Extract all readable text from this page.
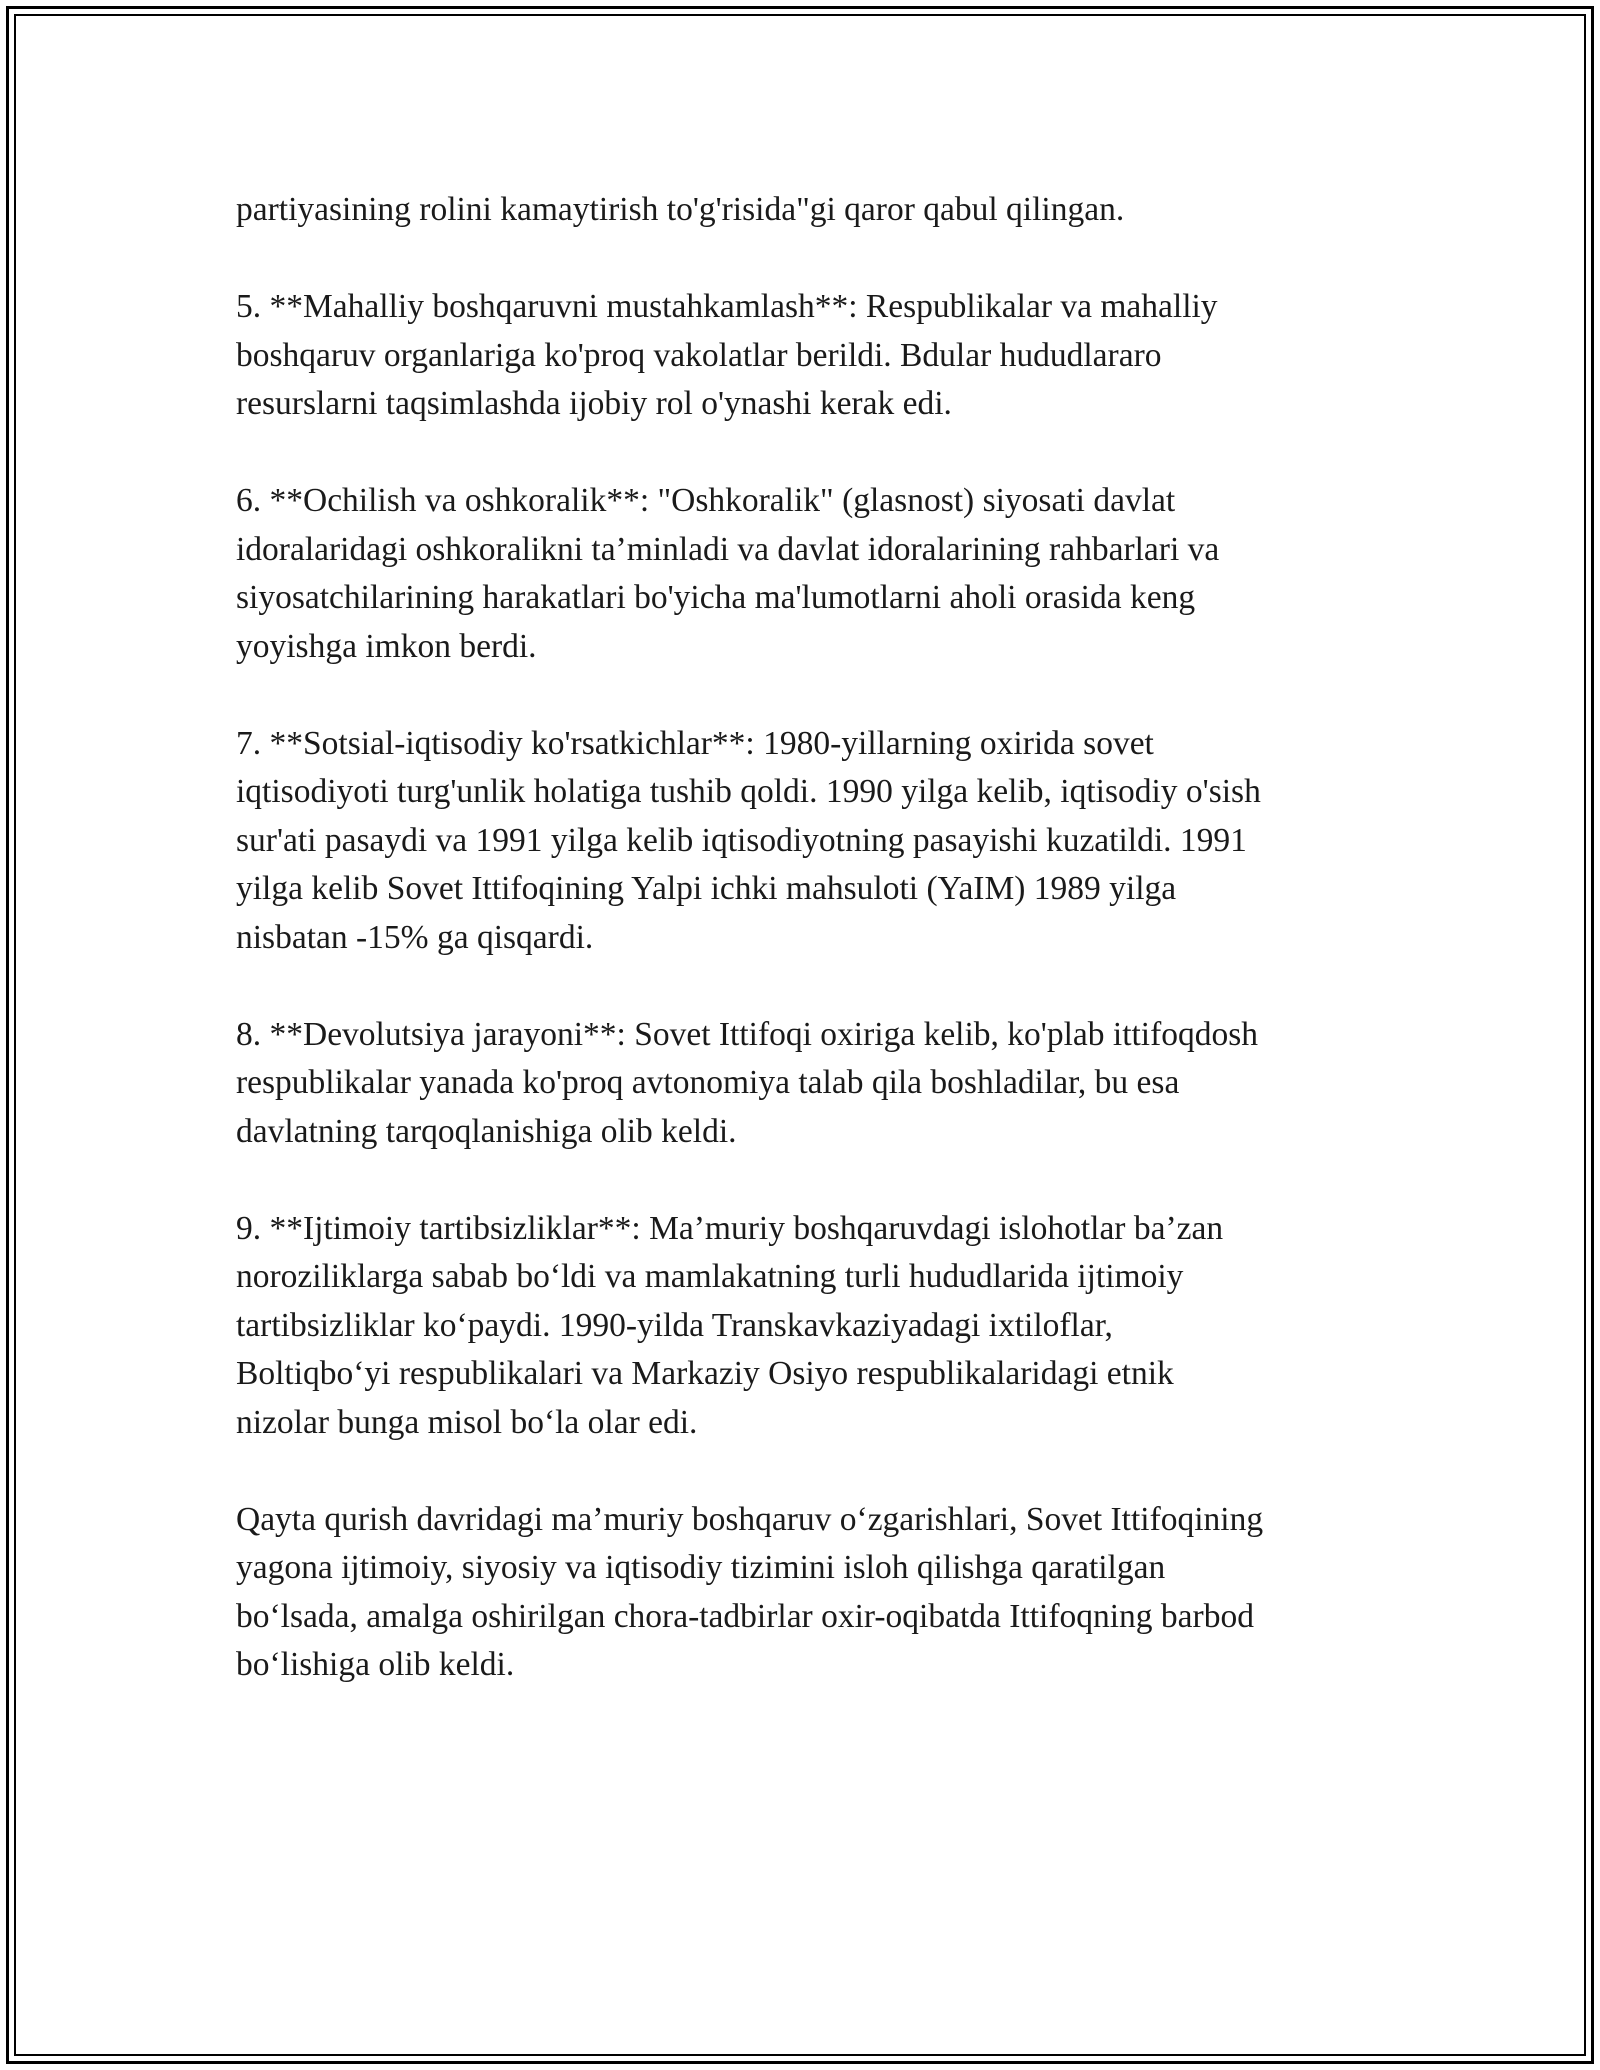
partiyasining rolini kamaytirish to'g'risida"gi qaror qabul qilingan.

5. **Mahalliy boshqaruvni mustahkamlash**: Respublikalar va mahalliy
boshqaruv organlariga ko'proq vakolatlar berildi. Bdular hududlararo
resurslarni taqsimlashda ijobiy rol o'ynashi kerak edi.

6. **Ochilish va oshkoralik**: "Oshkoralik" (glasnost) siyosati davlat
idoralaridagi oshkoralikni ta’minladi va davlat idoralarining rahbarlari va
siyosatchilarining harakatlari bo'yicha ma'lumotlarni aholi orasida keng
yoyishga imkon berdi.

7. **Sotsial-iqtisodiy ko'rsatkichlar**: 1980-yillarning oxirida sovet
iqtisodiyoti turg'unlik holatiga tushib qoldi. 1990 yilga kelib, iqtisodiy o'sish
sur'ati pasaydi va 1991 yilga kelib iqtisodiyotning pasayishi kuzatildi. 1991
yilga kelib Sovet Ittifoqining Yalpi ichki mahsuloti (YaIM) 1989 yilga
nisbatan -15% ga qisqardi.

8. **Devolutsiya jarayoni**: Sovet Ittifoqi oxiriga kelib, ko'plab ittifoqdosh
respublikalar yanada ko'proq avtonomiya talab qila boshladilar, bu esa
davlatning tarqoqlanishiga olib keldi.

9. **Ijtimoiy tartibsizliklar**: Ma’muriy boshqaruvdagi islohotlar ba’zan
noroziliklarga sabab bo‘ldi va mamlakatning turli hududlarida ijtimoiy
tartibsizliklar ko‘paydi. 1990-yilda Transkavkaziyadagi ixtiloflar,
Boltiqbo‘yi respublikalari va Markaziy Osiyo respublikalaridagi etnik
nizolar bunga misol bo‘la olar edi.

Qayta qurish davridagi ma’muriy boshqaruv o‘zgarishlari, Sovet Ittifoqining
yagona ijtimoiy, siyosiy va iqtisodiy tizimini isloh qilishga qaratilgan
bo‘lsada, amalga oshirilgan chora-tadbirlar oxir-oqibatda Ittifoqning barbod
bo‘lishiga olib keldi.
